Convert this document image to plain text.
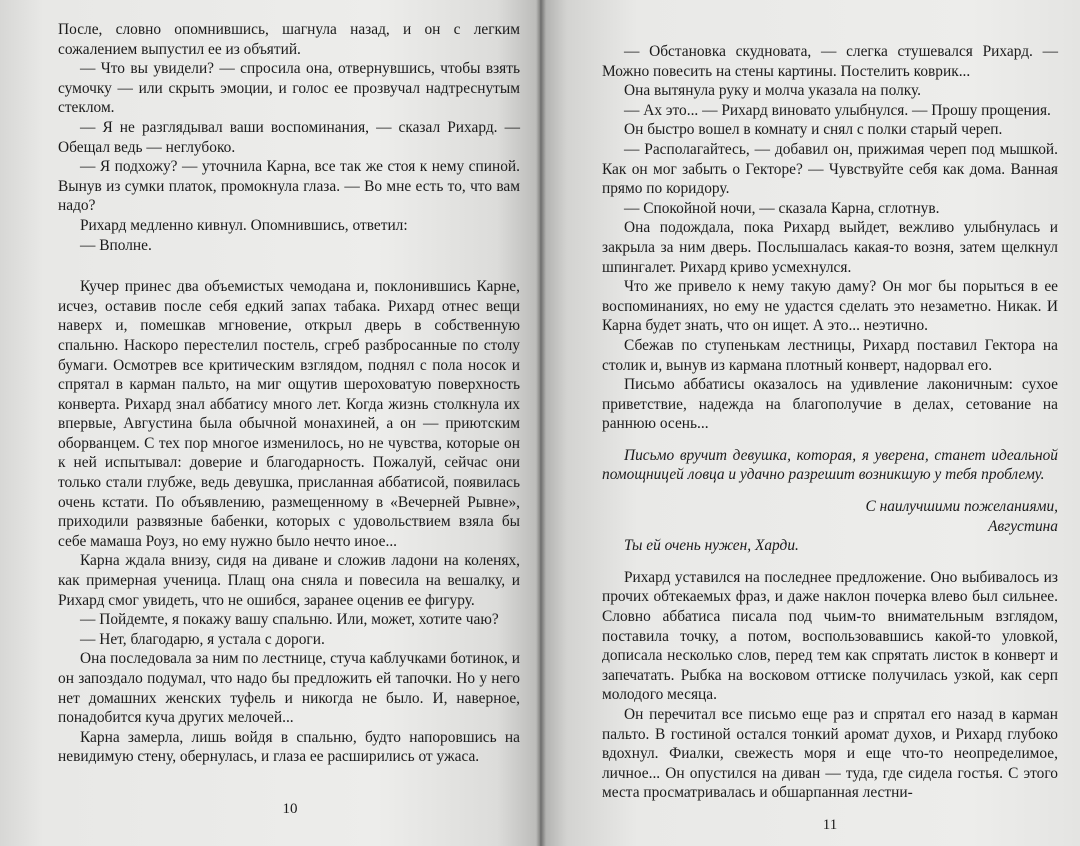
После, словно опомнившись, шагнула назад, и он с легким сожалением выпустил ее из объятий.

— Что вы увидели? — спросила она, отвернувшись, чтобы взять сумочку — или скрыть эмоции, и голос ее прозвучал надтреснутым стеклом.

— Я не разглядывал ваши воспоминания, — сказал Рихард. — Обещал ведь — неглубоко.

— Я подхожу? — уточнила Карна, все так же стоя к нему спиной. Вынув из сумки платок, промокнула глаза. — Во мне есть то, что вам надо?

Рихард медленно кивнул. Опомнившись, ответил:

— Вполне.

Кучер принес два объемистых чемодана и, поклонившись Карне, исчез, оставив после себя едкий запах табака. Рихард отнес вещи наверх и, помешкав мгновение, открыл дверь в собственную спальню. Наскоро перестелил постель, сгреб разбросанные по столу бумаги. Осмотрев все критическим взглядом, поднял с пола носок и спрятал в карман пальто, на миг ощутив шероховатую поверхность конверта. Рихард знал аббатису много лет. Когда жизнь столкнула их впервые, Августина была обычной монахиней, а он — приютским оборванцем. С тех пор многое изменилось, но не чувства, которые он к ней испытывал: доверие и благодарность. Пожалуй, сейчас они только стали глубже, ведь девушка, присланная аббатисой, появилась очень кстати. По объявлению, размещенному в «Вечерней Рывне», приходили развязные бабенки, которых с удовольствием взяла бы себе мамаша Роуз, но ему нужно было нечто иное...

Карна ждала внизу, сидя на диване и сложив ладони на коленях, как примерная ученица. Плащ она сняла и повесила на вешалку, и Рихард смог увидеть, что не ошибся, заранее оценив ее фигуру.

— Пойдемте, я покажу вашу спальню. Или, может, хотите чаю?

— Нет, благодарю, я устала с дороги.

Она последовала за ним по лестнице, стуча каблучками ботинок, и он запоздало подумал, что надо бы предложить ей тапочки. Но у него нет домашних женских туфель и никогда не было. И, наверное, понадобится куча других мелочей...

Карна замерла, лишь войдя в спальню, будто напоровшись на невидимую стену, обернулась, и глаза ее расширились от ужаса.

10

— Обстановка скудновата, — слегка стушевался Рихард. — Можно повесить на стены картины. Постелить коврик...

Она вытянула руку и молча указала на полку.

— Ах это... — Рихард виновато улыбнулся. — Прошу прощения.

Он быстро вошел в комнату и снял с полки старый череп.

— Располагайтесь, — добавил он, прижимая череп под мышкой. Как он мог забыть о Гекторе? — Чувствуйте себя как дома. Ванная прямо по коридору.

— Спокойной ночи, — сказала Карна, сглотнув.

Она подождала, пока Рихард выйдет, вежливо улыбнулась и закрыла за ним дверь. Послышалась какая-то возня, затем щелкнул шпингалет. Рихард криво усмехнулся.

Что же привело к нему такую даму? Он мог бы порыться в ее воспоминаниях, но ему не удастся сделать это незаметно. Никак. И Карна будет знать, что он ищет. А это... неэтично.

Сбежав по ступенькам лестницы, Рихард поставил Гектора на столик и, вынув из кармана плотный конверт, надорвал его.

Письмо аббатисы оказалось на удивление лаконичным: сухое приветствие, надежда на благополучие в делах, сетование на раннюю осень...

Письмо вручит девушка, которая, я уверена, станет идеальной помощницей ловца и удачно разрешит возникшую у тебя проблему.

С наилучшими пожеланиями,

Августина

Ты ей очень нужен, Харди.

Рихард уставился на последнее предложение. Оно выбивалось из прочих обтекаемых фраз, и даже наклон почерка влево был сильнее. Словно аббатиса писала под чьим-то внимательным взглядом, поставила точку, а потом, воспользовавшись какой-то уловкой, дописала несколько слов, перед тем как спрятать листок в конверт и запечатать. Рыбка на восковом оттиске получилась узкой, как серп молодого месяца.

Он перечитал все письмо еще раз и спрятал его назад в карман пальто. В гостиной остался тонкий аромат духов, и Рихард глубоко вдохнул. Фиалки, свежесть моря и еще что-то неопределимое, личное... Он опустился на диван — туда, где сидела гостья. С этого места просматривалась и обшарпанная лестни-

11
